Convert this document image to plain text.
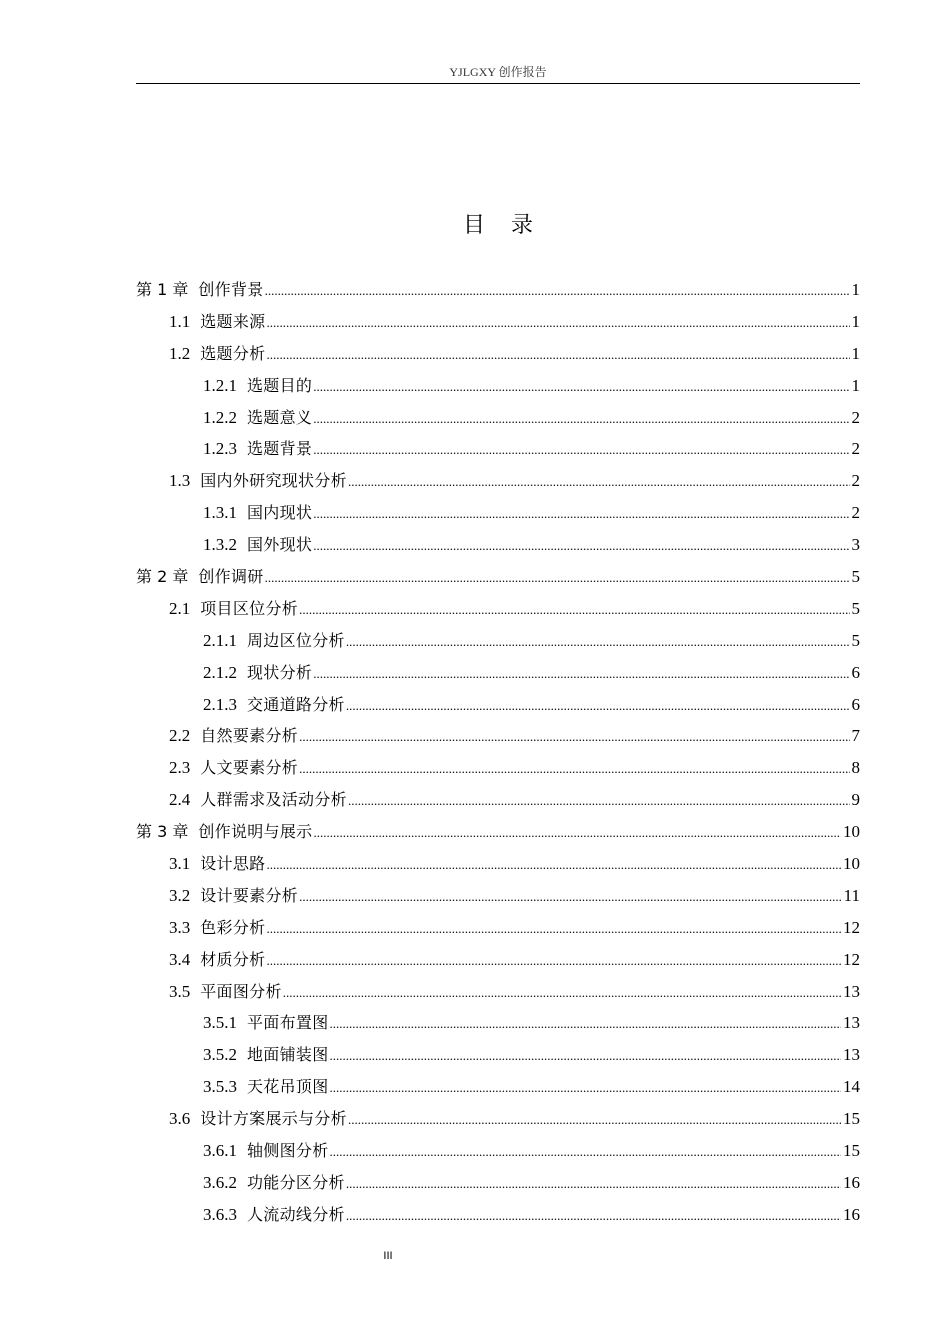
YJLGXY 创作报告
目录
第 1 章 创作背景 .....	1
1.1 选题来源 .....	1
1.2 选题分析 .....	1
1.2.1 选题目的 .....	1
1.2.2 选题意义 .....	2
1.2.3 选题背景 .....	2
1.3 国内外研究现状分析 .....	2
1.3.1 国内现状 .....	2
1.3.2 国外现状 .....	3
第 2 章 创作调研 .....	5
2.1 项目区位分析 .....	5
2.1.1 周边区位分析 .....	5
2.1.2 现状分析 .....	6
2.1.3 交通道路分析 .....	6
2.2 自然要素分析 .....	7
2.3 人文要素分析 .....	8
2.4 人群需求及活动分析 .....	9
第 3 章 创作说明与展示 .....	10
3.1 设计思路 .....	10
3.2 设计要素分析 .....	11
3.3 色彩分析 .....	12
3.4 材质分析 .....	12
3.5 平面图分析 .....	13
3.5.1 平面布置图 .....	13
3.5.2 地面铺装图 .....	13
3.5.3 天花吊顶图 .....	14
3.6 设计方案展示与分析 .....	15
3.6.1 轴侧图分析 .....	15
3.6.2 功能分区分析 .....	16
3.6.3 人流动线分析 .....	16
III
